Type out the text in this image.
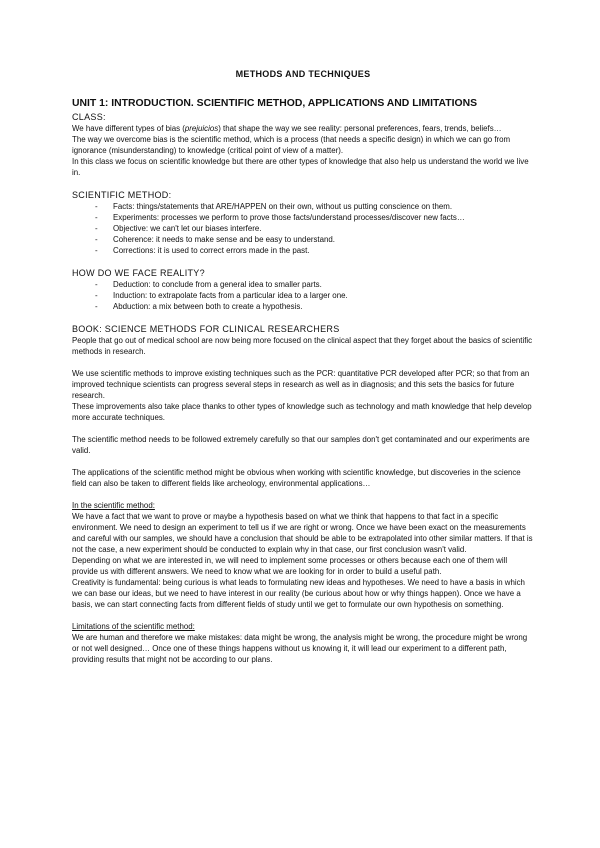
METHODS AND TECHNIQUES
UNIT 1: INTRODUCTION. SCIENTIFIC METHOD, APPLICATIONS AND LIMITATIONS
CLASS:

We have different types of bias (prejuicios) that shape the way we see reality: personal preferences, fears, trends, beliefs…

The way we overcome bias is the scientific method, which is a process (that needs a specific design) in which we can go from ignorance (misunderstanding) to knowledge (critical point of view of a matter).

In this class we focus on scientific knowledge but there are other types of knowledge that also help us understand the world we live in.

SCIENTIFIC METHOD:
- Facts: things/statements that ARE/HAPPEN on their own, without us putting conscience on them.
- Experiments: processes we perform to prove those facts/understand processes/discover new facts…
- Objective: we can't let our biases interfere.
- Coherence: it needs to make sense and be easy to understand.
- Corrections: it is used to correct errors made in the past.
HOW DO WE FACE REALITY?
- Deduction: to conclude from a general idea to smaller parts.
- Induction: to extrapolate facts from a particular idea to a larger one.
- Abduction: a mix between both to create a hypothesis.
BOOK: SCIENCE METHODS FOR CLINICAL RESEARCHERS

People that go out of medical school are now being more focused on the clinical aspect that they forget about the basics of scientific methods in research.

We use scientific methods to improve existing techniques such as the PCR: quantitative PCR developed after PCR; so that from an improved technique scientists can progress several steps in research as well as in diagnosis; and this sets the basics for future research.

These improvements also take place thanks to other types of knowledge such as technology and math knowledge that help develop more accurate techniques.

The scientific method needs to be followed extremely carefully so that our samples don't get contaminated and our experiments are valid.

The applications of the scientific method might be obvious when working with scientific knowledge, but discoveries in the science field can also be taken to different fields like archeology, environmental applications…

In the scientific method:

We have a fact that we want to prove or maybe a hypothesis based on what we think that happens to that fact in a specific environment. We need to design an experiment to tell us if we are right or wrong. Once we have been exact on the measurements and careful with our samples, we should have a conclusion that should be able to be extrapolated into other similar matters. If that is not the case, a new experiment should be conducted to explain why in that case, our first conclusion wasn't valid.

Depending on what we are interested in, we will need to implement some processes or others because each one of them will provide us with different answers. We need to know what we are looking for in order to build a useful path.

Creativity is fundamental: being curious is what leads to formulating new ideas and hypotheses. We need to have a basis in which we can base our ideas, but we need to have interest in our reality (be curious about how or why things happen). Once we have a basis, we can start connecting facts from different fields of study until we get to formulate our own hypothesis on something.

Limitations of the scientific method:

We are human and therefore we make mistakes: data might be wrong, the analysis might be wrong, the procedure might be wrong or not well designed… Once one of these things happens without us knowing it, it will lead our experiment to a different path, providing results that might not be according to our plans.
